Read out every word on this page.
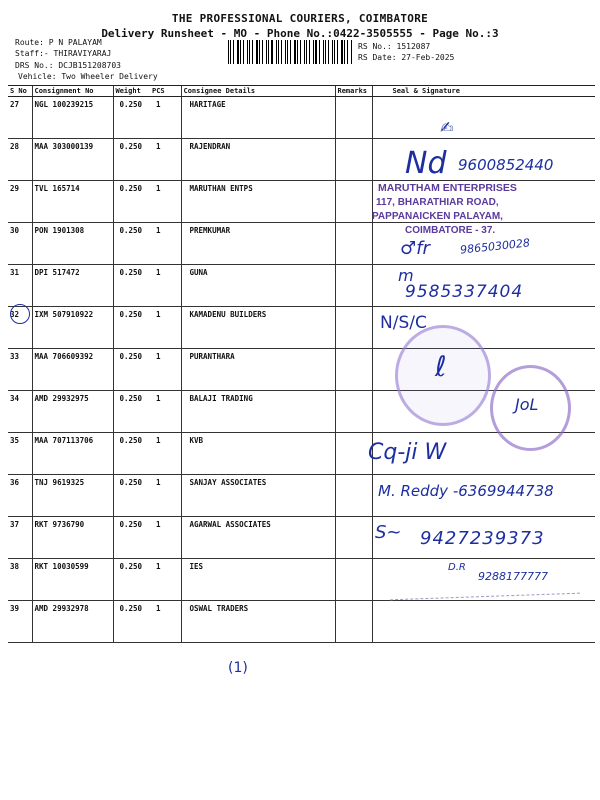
THE PROFESSIONAL COURIERS, COIMBATORE
Delivery Runsheet - MO - Phone No.:0422-3505555 - Page No.:3
Route: P N PALAYAM
Staff:- THIRAVIYARAJ
DRS No.: DCJB151208703
Vehicle: Two Wheeler Delivery
RS No.: 1512087
RS Date: 27-Feb-2025
S No	Consignment No	Weight	PCS	Consignee Details	Remarks	Seal & Signature
27	NGL 100239215	0.250	1	HARITAGE		
28	MAA 303000139	0.250	1	RAJENDRAN		
29	TVL 165714	0.250	1	MARUTHAN ENTPS		
30	PON 1901308	0.250	1	PREMKUMAR		
31	DPI 517472	0.250	1	GUNA		
32	IXM 507910922	0.250	1	KAMADENU BUILDERS		
33	MAA 706609392	0.250	1	PURANTHARA		
34	AMD 29932975	0.250	1	BALAJI TRADING		
35	MAA 707113706	0.250	1	KVB		
36	TNJ 9619325	0.250	1	SANJAY ASSOCIATES		
37	RKT 9736790	0.250	1	AGARWAL ASSOCIATES		
38	RKT 10030599	0.250	1	IES		
39	AMD 29932978	0.250	1	OSWAL TRADERS		
✍
Nd 9600852440
MARUTHAM ENTERPRISES
117, BHARATHIAR ROAD,
PAPPANAICKEN PALAYAM,
COIMBATORE - 37.
♂fr	9865030028
m
9585337404
N/S/C
ℓ
JoL
Cq-ji W
M. Reddy -6369944738
S~ 9427239373
D.R
9288177777
(1)
